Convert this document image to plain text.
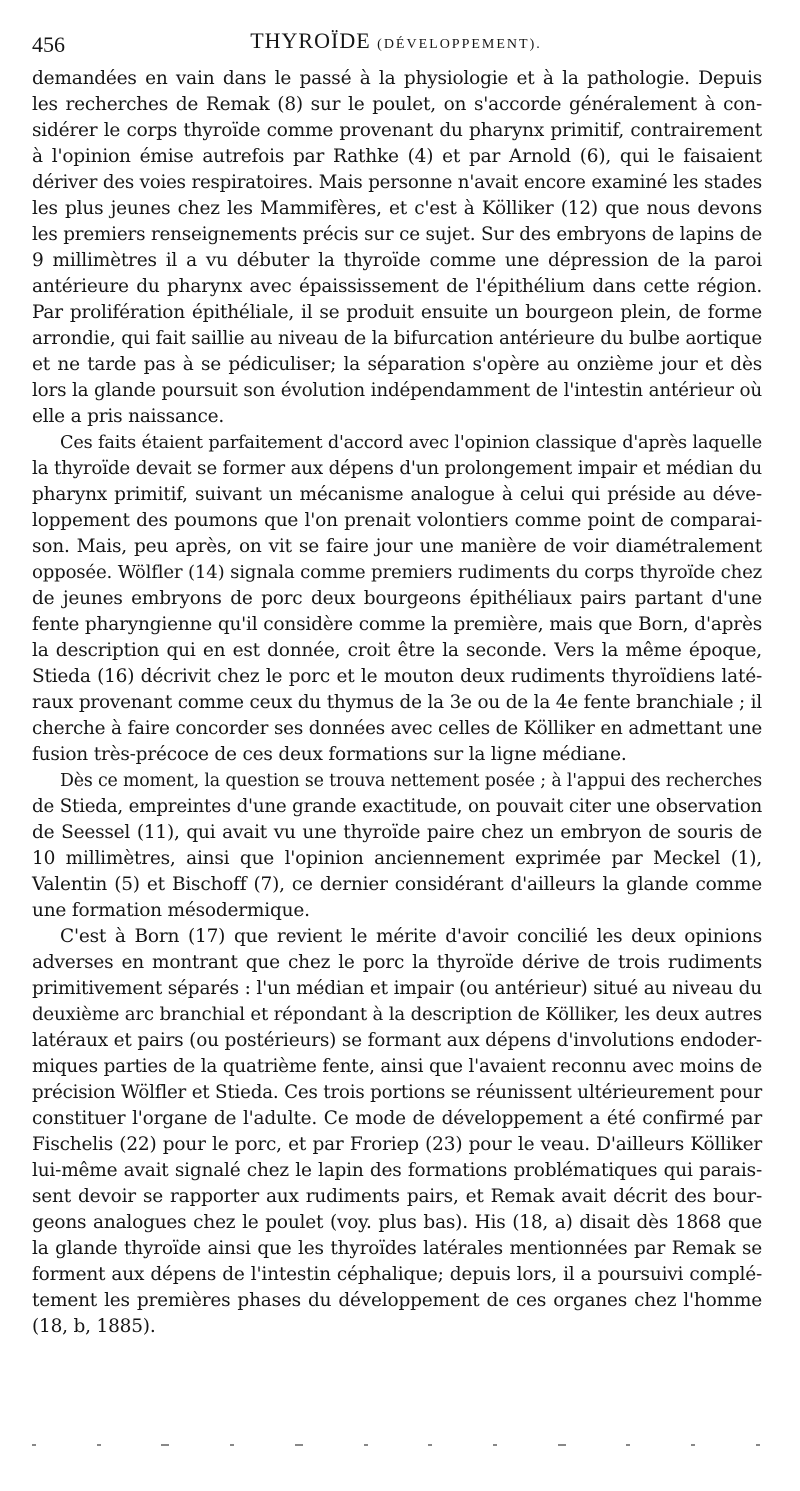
456	THYROÏDE (DÉVELOPPEMENT).
demandées en vain dans le passé à la physiologie et à la pathologie. Depuis
les recherches de Remak (8) sur le poulet, on s'accorde généralement à con-
sidérer le corps thyroïde comme provenant du pharynx primitif, contrairement
à l'opinion émise autrefois par Rathke (4) et par Arnold (6), qui le faisaient
dériver des voies respiratoires. Mais personne n'avait encore examiné les stades
les plus jeunes chez les Mammifères, et c'est à Kölliker (12) que nous devons
les premiers renseignements précis sur ce sujet. Sur des embryons de lapins de
9 millimètres il a vu débuter la thyroïde comme une dépression de la paroi
antérieure du pharynx avec épaississement de l'épithélium dans cette région.
Par prolifération épithéliale, il se produit ensuite un bourgeon plein, de forme
arrondie, qui fait saillie au niveau de la bifurcation antérieure du bulbe aortique
et ne tarde pas à se pédiculiser; la séparation s'opère au onzième jour et dès
lors la glande poursuit son évolution indépendamment de l'intestin antérieur où
elle a pris naissance.
Ces faits étaient parfaitement d'accord avec l'opinion classique d'après laquelle
la thyroïde devait se former aux dépens d'un prolongement impair et médian du
pharynx primitif, suivant un mécanisme analogue à celui qui préside au déve-
loppement des poumons que l'on prenait volontiers comme point de comparai-
son. Mais, peu après, on vit se faire jour une manière de voir diamétralement
opposée. Wölfler (14) signala comme premiers rudiments du corps thyroïde chez
de jeunes embryons de porc deux bourgeons épithéliaux pairs partant d'une
fente pharyngienne qu'il considère comme la première, mais que Born, d'après
la description qui en est donnée, croit être la seconde. Vers la même époque,
Stieda (16) décrivit chez le porc et le mouton deux rudiments thyroïdiens laté-
raux provenant comme ceux du thymus de la 3e ou de la 4e fente branchiale ; il
cherche à faire concorder ses données avec celles de Kölliker en admettant une
fusion très-précoce de ces deux formations sur la ligne médiane.
Dès ce moment, la question se trouva nettement posée ; à l'appui des recherches
de Stieda, empreintes d'une grande exactitude, on pouvait citer une observation
de Seessel (11), qui avait vu une thyroïde paire chez un embryon de souris de
10 millimètres, ainsi que l'opinion anciennement exprimée par Meckel (1),
Valentin (5) et Bischoff (7), ce dernier considérant d'ailleurs la glande comme
une formation mésodermique.
C'est à Born (17) que revient le mérite d'avoir concilié les deux opinions
adverses en montrant que chez le porc la thyroïde dérive de trois rudiments
primitivement séparés : l'un médian et impair (ou antérieur) situé au niveau du
deuxième arc branchial et répondant à la description de Kölliker, les deux autres
latéraux et pairs (ou postérieurs) se formant aux dépens d'involutions endoder-
miques parties de la quatrième fente, ainsi que l'avaient reconnu avec moins de
précision Wölfler et Stieda. Ces trois portions se réunissent ultérieurement pour
constituer l'organe de l'adulte. Ce mode de développement a été confirmé par
Fischelis (22) pour le porc, et par Froriep (23) pour le veau. D'ailleurs Kölliker
lui-même avait signalé chez le lapin des formations problématiques qui parais-
sent devoir se rapporter aux rudiments pairs, et Remak avait décrit des bour-
geons analogues chez le poulet (voy. plus bas). His (18, a) disait dès 1868 que
la glande thyroïde ainsi que les thyroïdes latérales mentionnées par Remak se
forment aux dépens de l'intestin céphalique; depuis lors, il a poursuivi complé-
tement les premières phases du développement de ces organes chez l'homme
(18, b, 1885).
